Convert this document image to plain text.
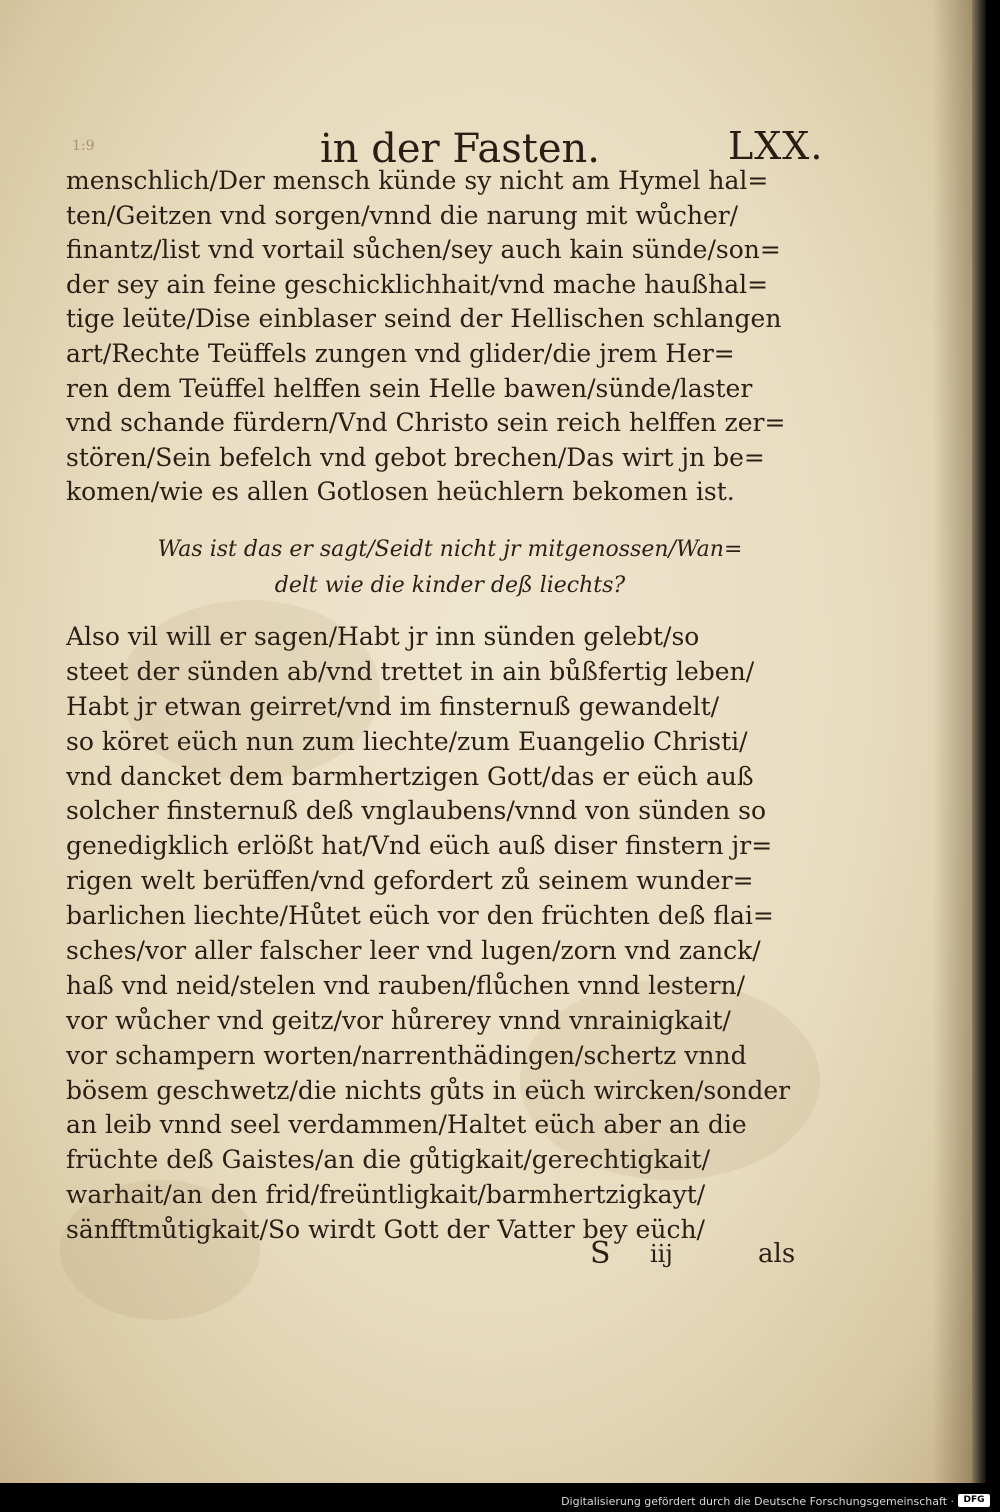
1:9	in der Fasten.	LXX.
menschlich/Der mensch künde sy nicht am Hymel hal=
ten/Geitzen vnd sorgen/vnnd die narung mit wůcher/
finantz/list vnd vortail sůchen/sey auch kain sünde/son=
der sey ain feine geschicklichhait/vnd mache haußhal=
tige leüte/Dise einblaser seind der Hellischen schlangen
art/Rechte Teüffels zungen vnd glider/die jrem Her=
ren dem Teüffel helffen sein Helle bawen/sünde/laster
vnd schande fürdern/Vnd Christo sein reich helffen zer=
stören/Sein befelch vnd gebot brechen/Das wirt jn be=
komen/wie es allen Gotlosen heüchlern bekomen ist.
Was ist das er sagt/Seidt nicht jr mitgenossen/Wan=
delt wie die kinder deß liechts?
Also vil will er sagen/Habt jr inn sünden gelebt/so
steet der sünden ab/vnd trettet in ain bůßfertig leben/
Habt jr etwan geirret/vnd im finsternuß gewandelt/
so köret eüch nun zum liechte/zum Euangelio Christi/
vnd dancket dem barmhertzigen Gott/das er eüch auß
solcher finsternuß deß vnglaubens/vnnd von sünden so
genedigklich erlößt hat/Vnd eüch auß diser finstern jr=
rigen welt berüffen/vnd gefordert zů seinem wunder=
barlichen liechte/Hůtet eüch vor den früchten deß flai=
sches/vor aller falscher leer vnd lugen/zorn vnd zanck/
haß vnd neid/stelen vnd rauben/flůchen vnnd lestern/
vor wůcher vnd geitz/vor hůrerey vnnd vnrainigkait/
vor schampern worten/narrenthädingen/schertz vnnd
bösem geschwetz/die nichts gůts in eüch wircken/sonder
an leib vnnd seel verdammen/Haltet eüch aber an die
früchte deß Gaistes/an die gůtigkait/gerechtigkait/
warhait/an den frid/freüntligkait/barmhertzigkayt/
sänfftmůtigkait/So wirdt Gott der Vatter bey eüch/
S iij	als
Digitalisierung gefördert durch die Deutsche Forschungsgemeinschaft ·	DFG
